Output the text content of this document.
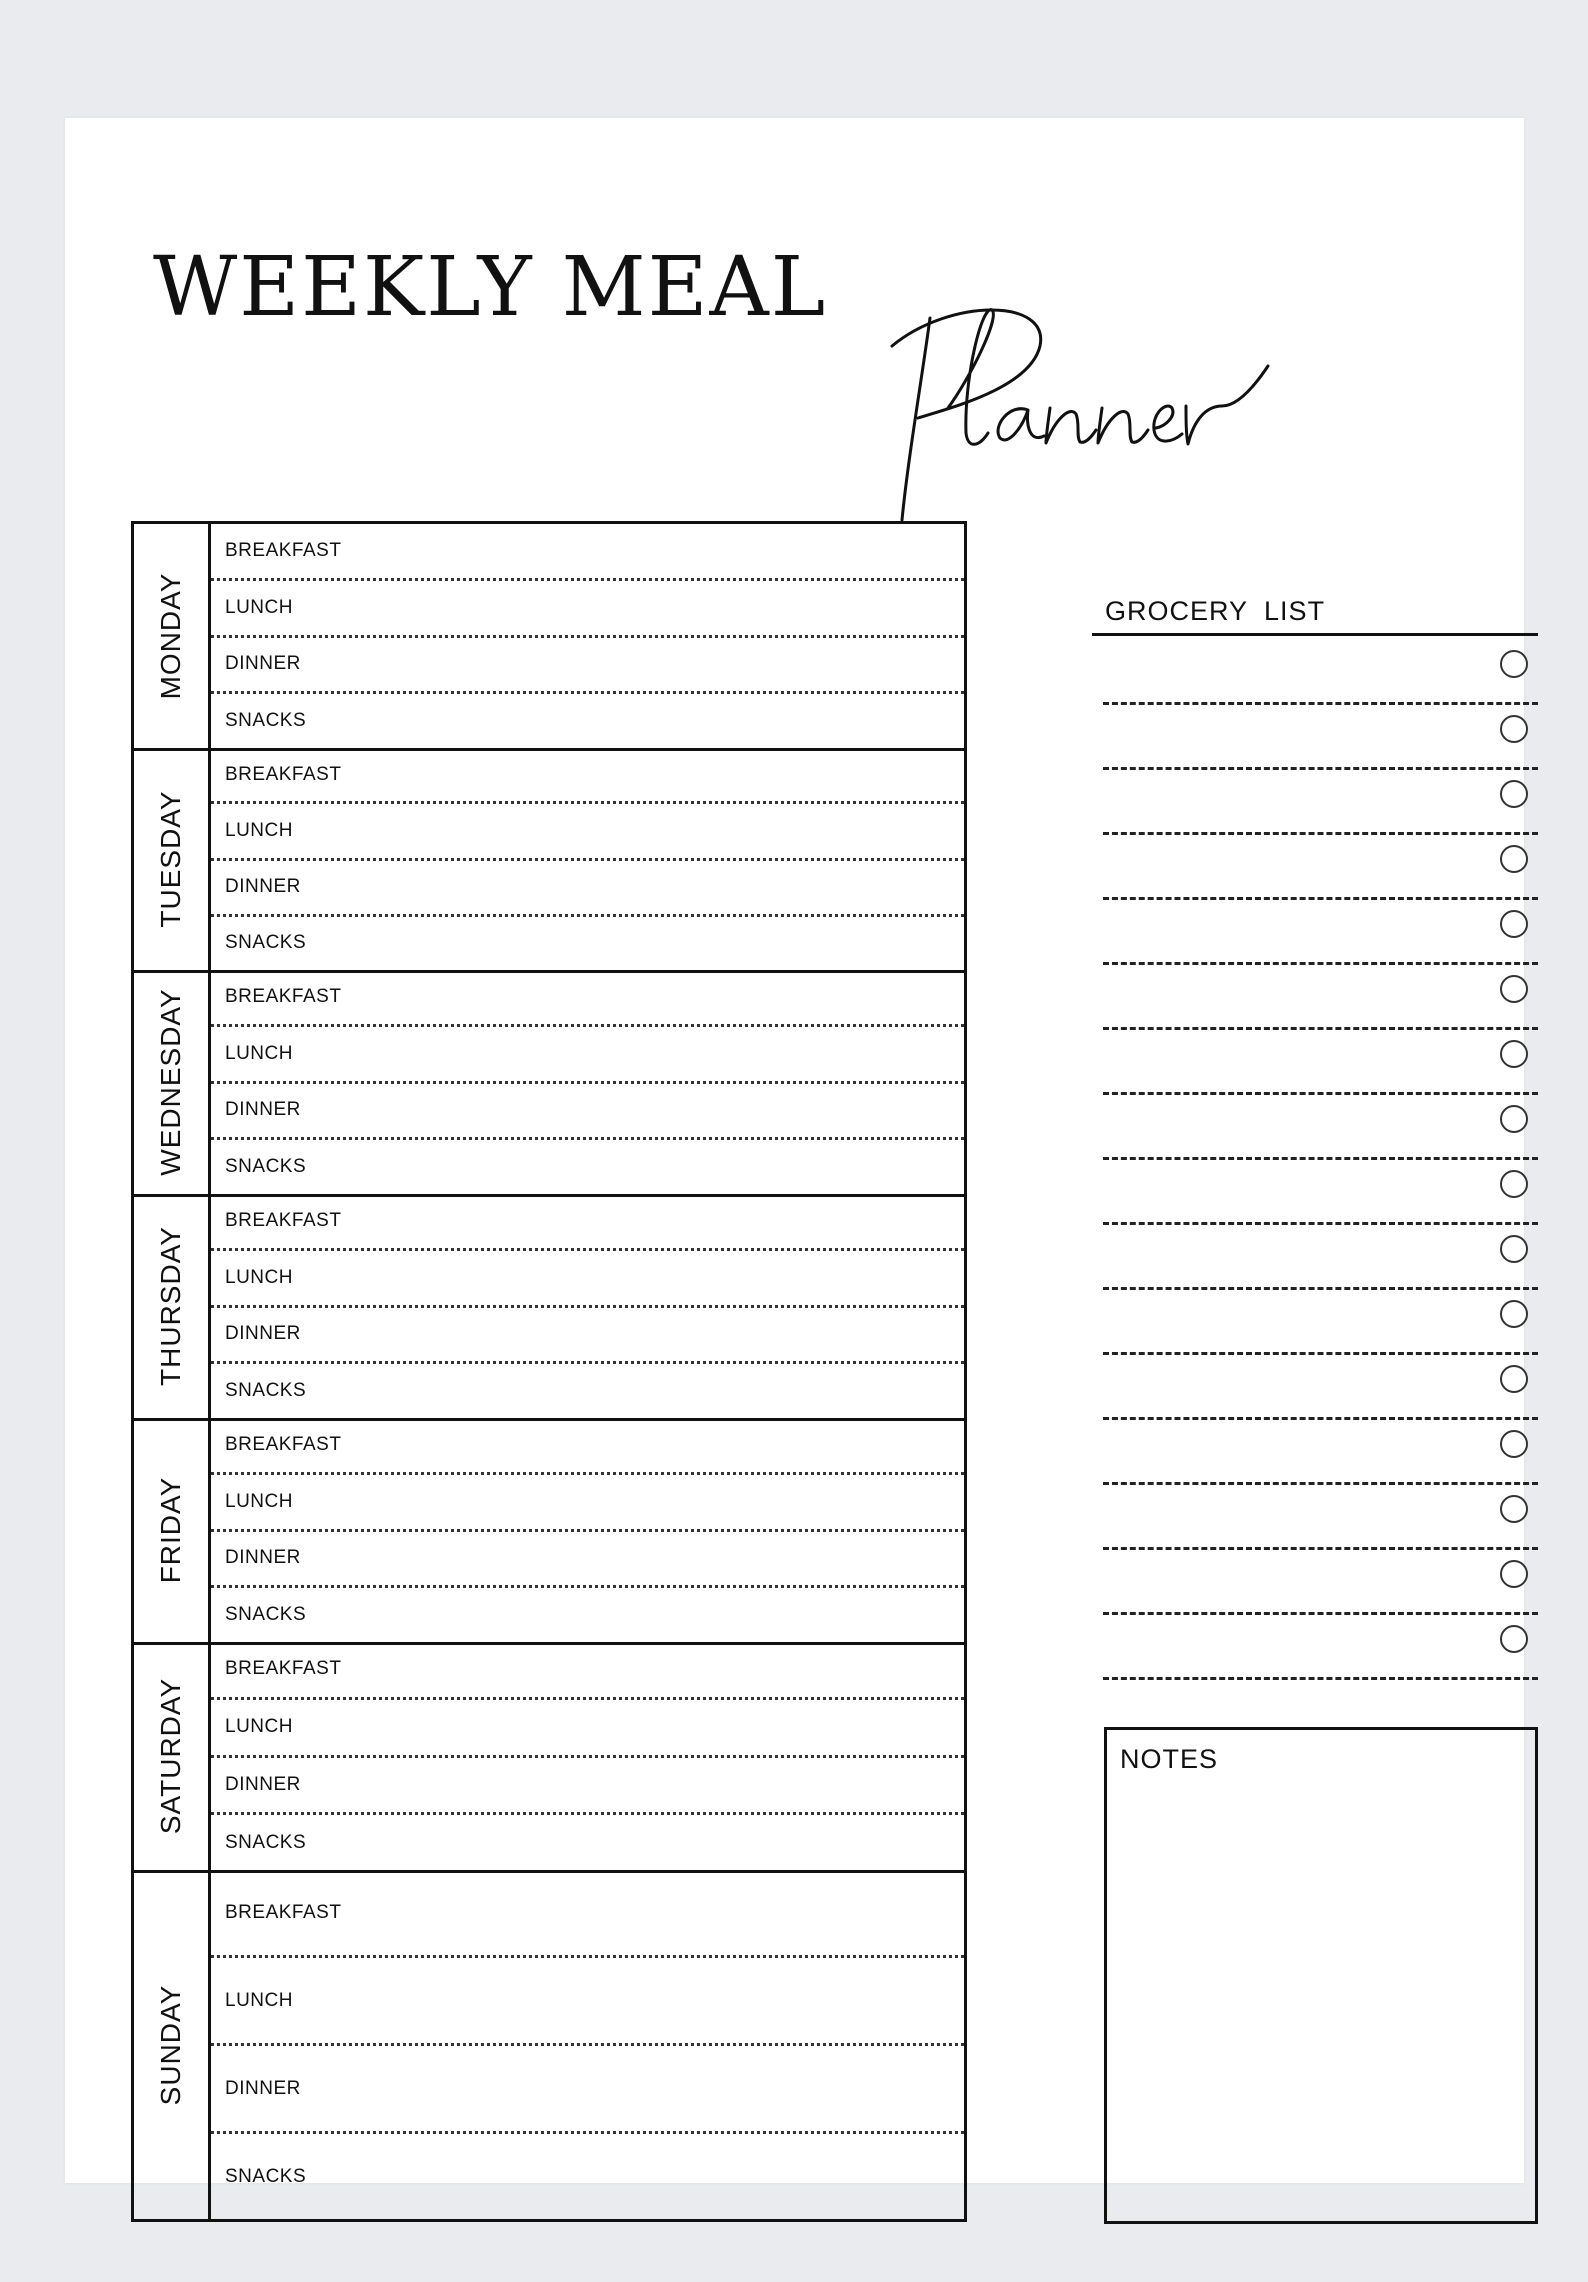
WEEKLY MEAL
MONDAY
BREAKFAST
LUNCH
DINNER
SNACKS
TUESDAY
BREAKFAST
LUNCH
DINNER
SNACKS
WEDNESDAY BREAKFAST
LUNCH
DINNER
SNACKS
THURSDAY
BREAKFAST
LUNCH
DINNER
SNACKS
FRIDAY
BREAKFAST
LUNCH
DINNER
SNACKS
SATURDAY
BREAKFAST
LUNCH
DINNER
SNACKS
SUNDAY
BREAKFAST
LUNCH
DINNER
SNACKS
GROCERY LIST
NOTES
